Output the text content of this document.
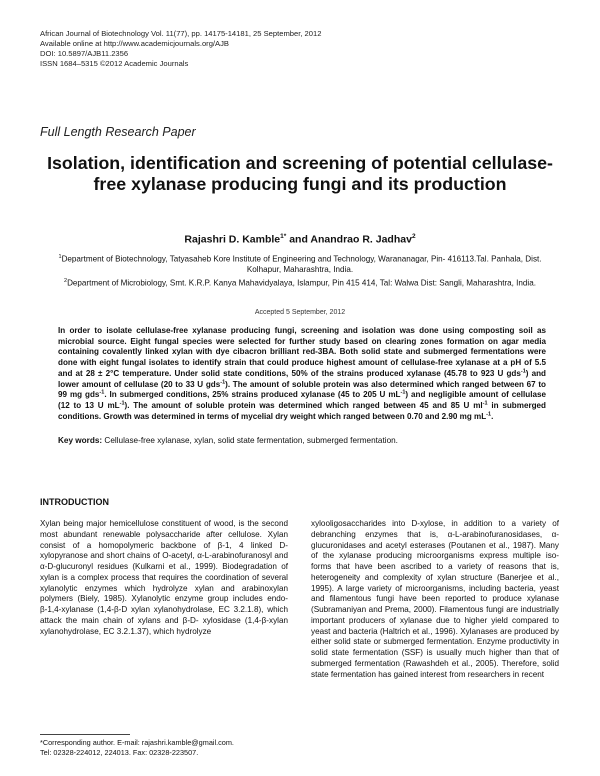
African Journal of Biotechnology Vol. 11(77), pp. 14175-14181, 25 September, 2012
Available online at http://www.academicjournals.org/AJB
DOI: 10.5897/AJB11.2356
ISSN 1684–5315 ©2012 Academic Journals
Full Length Research Paper
Isolation, identification and screening of potential cellulase-free xylanase producing fungi and its production
Rajashri D. Kamble$^{1*}$ and Anandrao R. Jadhav$^2$
$^1$Department of Biotechnology, Tatyasaheb Kore Institute of Engineering and Technology, Warananagar, Pin- 416113.Tal. Panhala, Dist. Kolhapur, Maharashtra, India.
$^2$Department of Microbiology, Smt. K.R.P. Kanya Mahavidyalaya, Islampur, Pin 415 414, Tal: Walwa Dist: Sangli, Maharashtra, India.
Accepted 5 September, 2012
In order to isolate cellulase-free xylanase producing fungi, screening and isolation was done using composting soil as microbial source. Eight fungal species were selected for further study based on clearing zones formation on agar media containing covalently linked xylan with dye cibacron brilliant red-3BA. Both solid state and submerged fermentations were done with eight fungal isolates to identify strain that could produce highest amount of cellulase-free xylanase at a pH of 5.5 and at 28 ± 2°C temperature. Under solid state conditions, 50% of the strains produced xylanase (45.78 to 923 U gds$^{-1}$) and lower amount of cellulase (20 to 33 U gds$^{-1}$). The amount of soluble protein was also determined which ranged between 67 to 99 mg gds$^{-1}$. In submerged conditions, 25% strains produced xylanase (45 to 205 U $mL^{-1}$) and negligible amount of cellulase (12 to 13 U $mL^{-1}$). The amount of soluble protein was determined which ranged between 45 and 85 U $ml^{-1}$ in submerged conditions. Growth was determined in terms of mycelial dry weight which ranged between 0.70 and 2.90 mg $mL^{-1}$.
Key words: Cellulase-free xylanase, xylan, solid state fermentation, submerged fermentation.
INTRODUCTION

Xylan being major hemicellulose constituent of wood, is the second most abundant renewable polysaccharide after cellulose. Xylan consist of a homopolymeric backbone of β-1, 4 linked D-xylopyranose and short chains of O-acetyl, α-L-arabinofuranosyl and α-D-glucuronyl residues (Kulkarni et al., 1999). Biodegradation of xylan is a complex process that requires the coordination of several xylanolytic enzymes which hydrolyze xylan and arabinoxylan polymers (Biely, 1985). Xylanolytic enzyme group includes endo-β-1,4-xylanase (1,4-β-D xylan xylanohydrolase, EC 3.2.1.8), which attack the main chain of xylans and β-D- xylosidase (1,4-β-xylan xylanohydrolase, EC 3.2.1.37), which hydrolyze

xylooligosaccharides into D-xylose, in addition to a variety of debranching enzymes that is, α-L-arabinofuranosidases, α-glucuronidases and acetyl esterases (Poutanen et al., 1987). Many of the xylanase producing microorganisms express multiple iso-forms that have been ascribed to a variety of reasons that is, heterogeneity and complexity of xylan structure (Banerjee et al., 1995). A large variety of microorganisms, including bacteria, yeast and filamentous fungi have been reported to produce xylanase (Subramaniyan and Prema, 2000). Filamentous fungi are industrially important producers of xylanase due to higher yield compared to yeast and bacteria (Haltrich et al., 1996). Xylanases are produced by either solid state or submerged fermentation. Enzyme productivity in solid state fermentation (SSF) is usually much higher than that of submerged fermentation (Rawashdeh et al., 2005). Therefore, solid state fermentation has gained interest from researchers in recent

*Corresponding author. E-mail: rajashri.kamble@gmail.com.
Tel: 02328-224012, 224013. Fax: 02328-223507.
